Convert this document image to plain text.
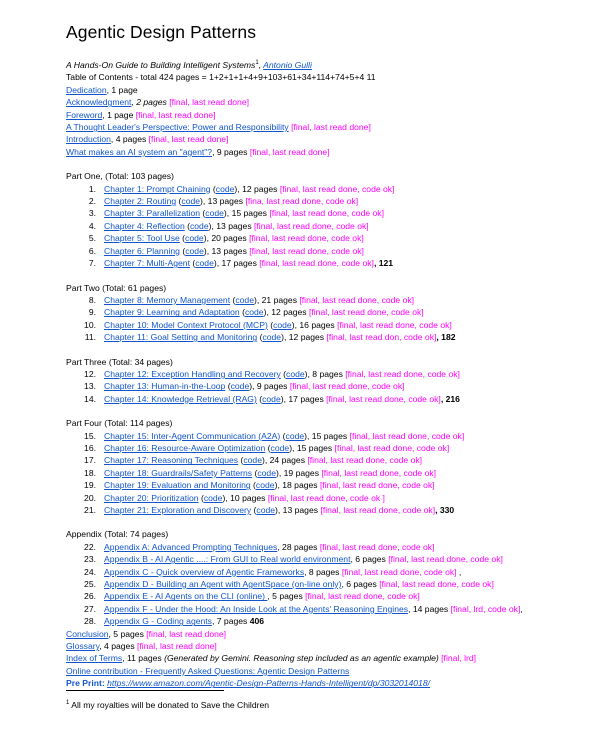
Agentic Design Patterns
A Hands-On Guide to Building Intelligent Systems$^1$, Antonio Gulli
Table of Contents - total 424 pages = 1+2+1+1+4+9+103+61+34+114+74+5+4 11
Dedication, 1 page
Acknowledgment, 2 pages [final, last read done]
Foreword, 1 page [final, last read done]
A Thought Leader's Perspective: Power and Responsibility [final, last read done]
Introduction, 4 pages [final, last read done]
What makes an AI system an "agent"?, 9 pages [final, last read done]
Part One, (Total: 103 pages)
1. Chapter 1: Prompt Chaining (code), 12 pages [final, last read done, code ok]
2. Chapter 2: Routing (code), 13 pages [fina, last read done, code ok]
3. Chapter 3: Parallelization (code), 15 pages [final, last read done, code ok]
4. Chapter 4: Reflection (code), 13 pages [final, last read done, code ok]
5. Chapter 5: Tool Use (code), 20 pages [final, last read done, code ok]
6. Chapter 6: Planning (code), 13 pages [final, last read done, code ok]
7. Chapter 7: Multi-Agent (code), 17 pages [final, last read done, code ok], 121
Part Two (Total: 61 pages)
8. Chapter 8: Memory Management (code), 21 pages [final, last read done, code ok]
9. Chapter 9: Learning and Adaptation (code), 12 pages [final, last read done, code ok]
10. Chapter 10: Model Context Protocol (MCP) (code), 16 pages [final, last read done, code ok]
11. Chapter 11: Goal Setting and Monitoring (code), 12 pages [final, last read don, code ok], 182
Part Three (Total: 34 pages)
12. Chapter 12: Exception Handling and Recovery (code), 8 pages [final, last read done, code ok]
13. Chapter 13: Human-in-the-Loop (code), 9 pages [final, last read done, code ok]
14. Chapter 14: Knowledge Retrieval (RAG) (code), 17 pages [final, last read done, code ok], 216
Part Four (Total: 114 pages)
15. Chapter 15: Inter-Agent Communication (A2A) (code), 15 pages [final, last read done, code ok]
16. Chapter 16: Resource-Aware Optimization (code), 15 pages [final, last read done, code ok]
17. Chapter 17: Reasoning Techniques (code), 24 pages [final, last read done, code ok]
18. Chapter 18: Guardrails/Safety Patterns (code), 19 pages [final, last read done, code ok]
19. Chapter 19: Evaluation and Monitoring (code), 18 pages [final, last read done, code ok]
20. Chapter 20: Prioritization (code), 10 pages [final, last read done, code ok ]
21. Chapter 21: Exploration and Discovery (code), 13 pages [final, last read done, code ok], 330
Appendix (Total: 74 pages)
22. Appendix A: Advanced Prompting Techniques, 28 pages [final, last read done, code ok]
23. Appendix B - AI Agentic ....: From GUI to Real world environment, 6 pages [final, last read done, code ok]
24. Appendix C - Quick overview of Agentic Frameworks, 8 pages [final, last read done, code ok] ,
25. Appendix D - Building an Agent with AgentSpace (on-line only), 6 pages [final, last read done, code ok]
26. Appendix E - AI Agents on the CLI (online) , 5 pages [final, last read done, code ok]
27. Appendix F - Under the Hood: An Inside Look at the Agents' Reasoning Engines, 14 pages [final, lrd, code ok],
28. Appendix G - Coding agents, 7 pages 406
Conclusion, 5 pages [final, last read done]
Glossary, 4 pages [final, last read done]
Index of Terms, 11 pages (Generated by Gemini. Reasoning step included as an agentic example) [final, lrd]
Online contribution - Frequently Asked Questions: Agentic Design Patterns
Pre Print: https://www.amazon.com/Agentic-Design-Patterns-Hands-Intelligent/dp/3032014018/
$^1$ All my royalties will be donated to Save the Children
